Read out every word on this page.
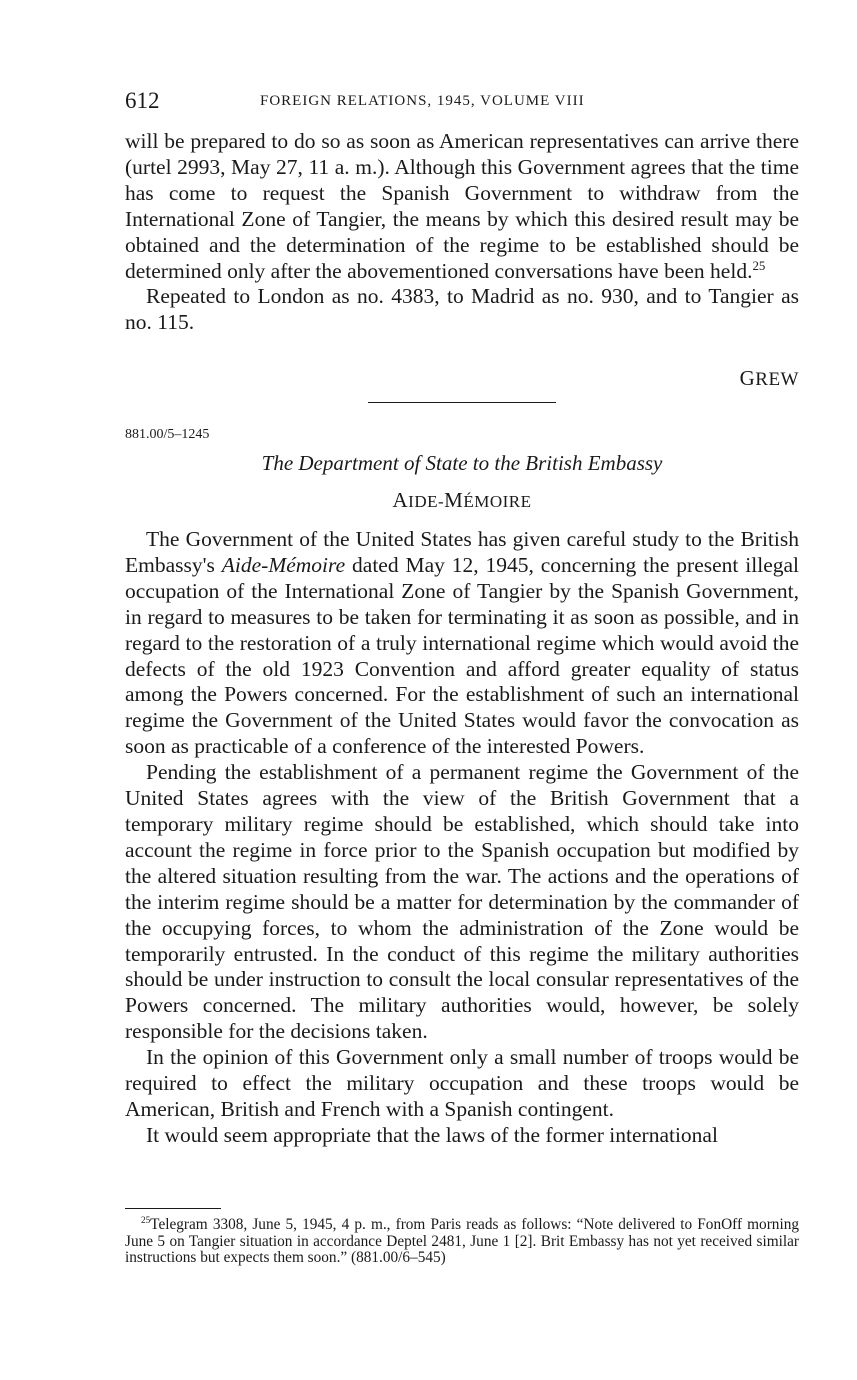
612	FOREIGN RELATIONS, 1945, VOLUME VIII

will be prepared to do so as soon as American representatives can arrive there (urtel 2993, May 27, 11 a. m.). Although this Government agrees that the time has come to request the Spanish Government to withdraw from the International Zone of Tangier, the means by which this desired result may be obtained and the determination of the regime to be established should be determined only after the abovementioned conversations have been held.$^{25}$

Repeated to London as no. 4383, to Madrid as no. 930, and to Tangier as no. 115.

GREW
881.00/5–1245
The Department of State to the British Embassy
AIDE-MÉMOIRE

The Government of the United States has given careful study to the British Embassy's Aide-Mémoire dated May 12, 1945, concerning the present illegal occupation of the International Zone of Tangier by the Spanish Government, in regard to measures to be taken for terminating it as soon as possible, and in regard to the restoration of a truly international regime which would avoid the defects of the old 1923 Convention and afford greater equality of status among the Powers concerned. For the establishment of such an international regime the Government of the United States would favor the convocation as soon as practicable of a conference of the interested Powers.

Pending the establishment of a permanent regime the Government of the United States agrees with the view of the British Government that a temporary military regime should be established, which should take into account the regime in force prior to the Spanish occupation but modified by the altered situation resulting from the war. The actions and the operations of the interim regime should be a matter for determination by the commander of the occupying forces, to whom the administration of the Zone would be temporarily entrusted. In the conduct of this regime the military authorities should be under instruction to consult the local consular representatives of the Powers concerned. The military authorities would, however, be solely responsible for the decisions taken.

In the opinion of this Government only a small number of troops would be required to effect the military occupation and these troops would be American, British and French with a Spanish contingent.

It would seem appropriate that the laws of the former international

$^{25}$Telegram 3308, June 5, 1945, 4 p. m., from Paris reads as follows: “Note delivered to FonOff morning June 5 on Tangier situation in accordance Deptel 2481, June 1 [2]. Brit Embassy has not yet received similar instructions but expects them soon.” (881.00/6–545)
